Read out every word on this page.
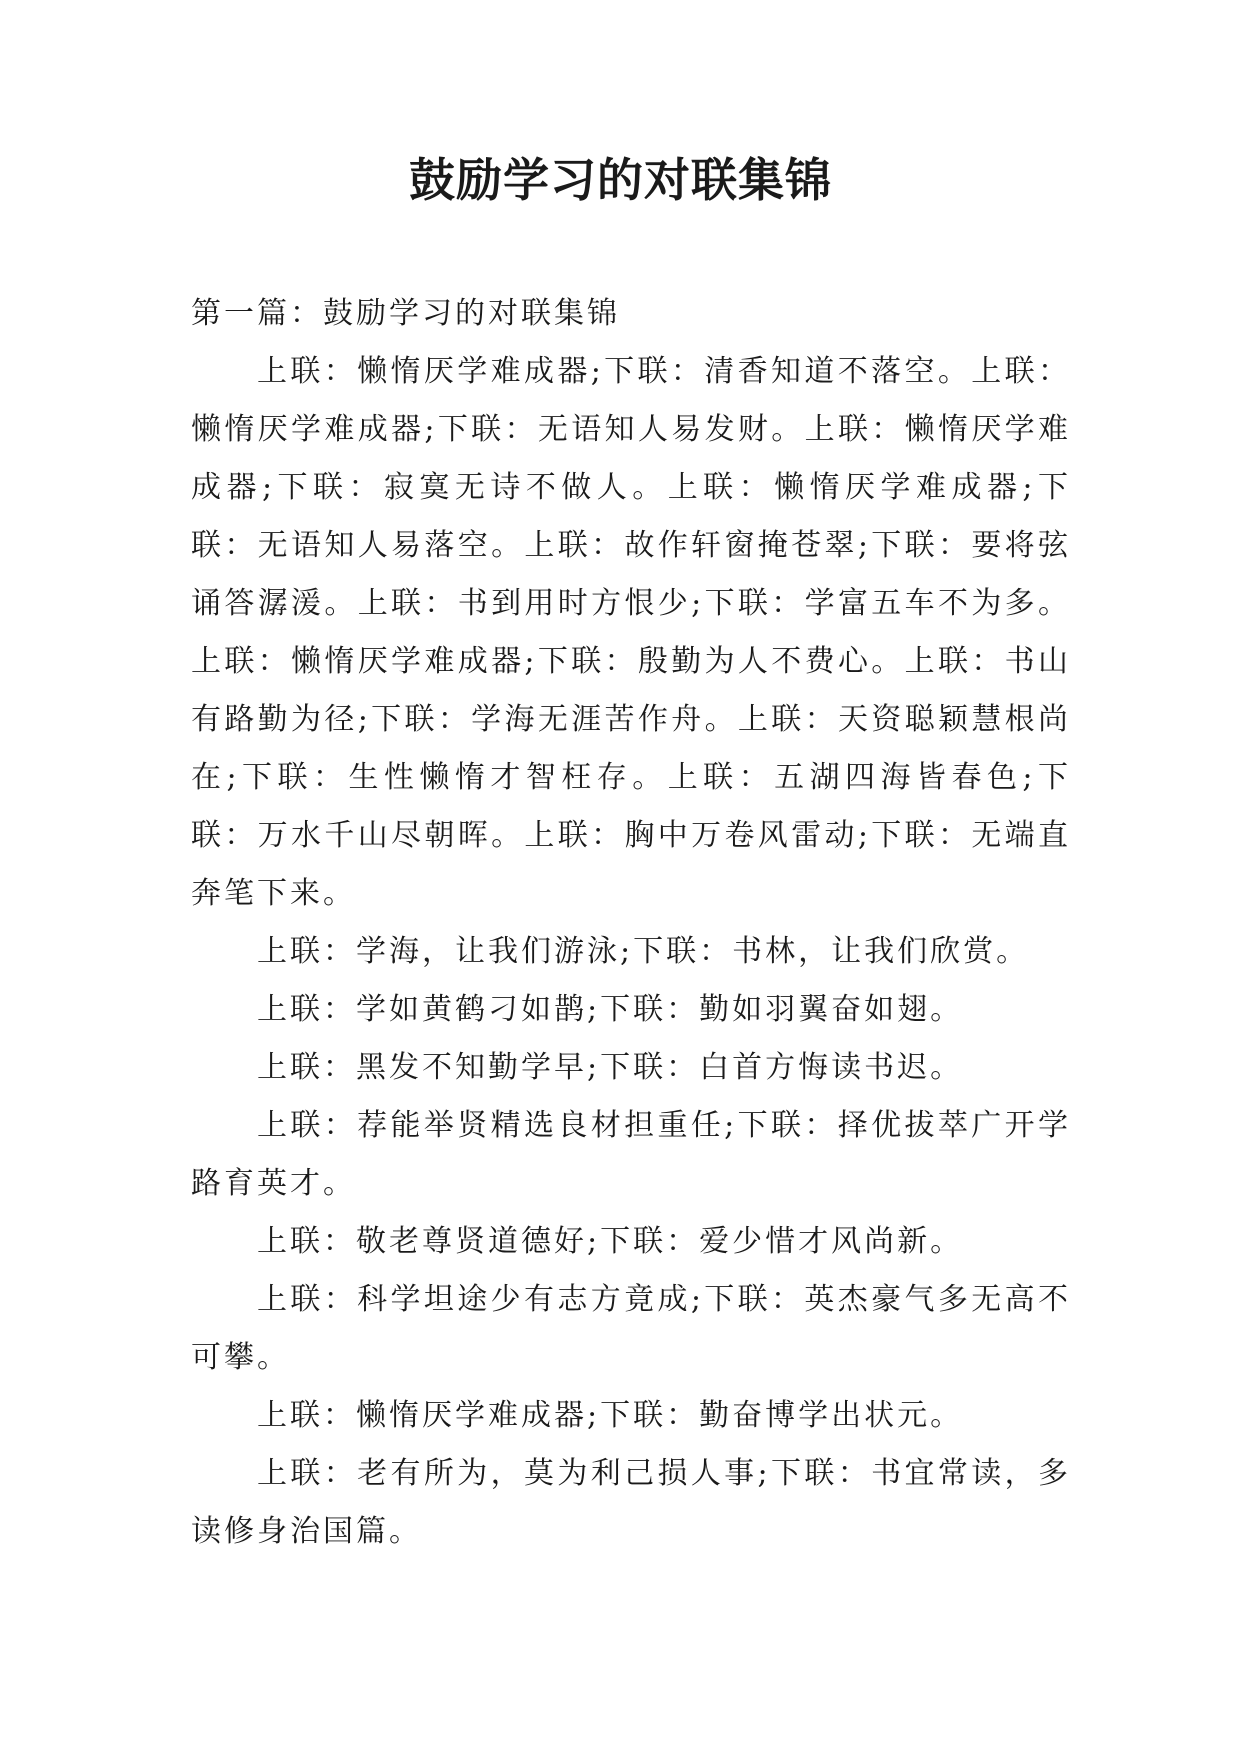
鼓励学习的对联集锦

第一篇：鼓励学习的对联集锦

上联：懒惰厌学难成器;下联：清香知道不落空。上联：懒惰厌学难成器;下联：无语知人易发财。上联：懒惰厌学难成器;下联：寂寞无诗不做人。上联：懒惰厌学难成器;下联：无语知人易落空。上联：故作轩窗掩苍翠;下联：要将弦诵答潺湲。上联：书到用时方恨少;下联：学富五车不为多。上联：懒惰厌学难成器;下联：殷勤为人不费心。上联：书山有路勤为径;下联：学海无涯苦作舟。上联：天资聪颖慧根尚在;下联：生性懒惰才智枉存。上联：五湖四海皆春色;下联：万水千山尽朝晖。上联：胸中万卷风雷动;下联：无端直奔笔下来。

上联：学海，让我们游泳;下联：书林，让我们欣赏。

上联：学如黄鹤刁如鹊;下联：勤如羽翼奋如翅。

上联：黑发不知勤学早;下联：白首方悔读书迟。

上联：荐能举贤精选良材担重任;下联：择优拔萃广开学路育英才。

上联：敬老尊贤道德好;下联：爱少惜才风尚新。

上联：科学坦途少有志方竟成;下联：英杰豪气多无高不可攀。

上联：懒惰厌学难成器;下联：勤奋博学出状元。

上联：老有所为，莫为利己损人事;下联：书宜常读，多读修身治国篇。
